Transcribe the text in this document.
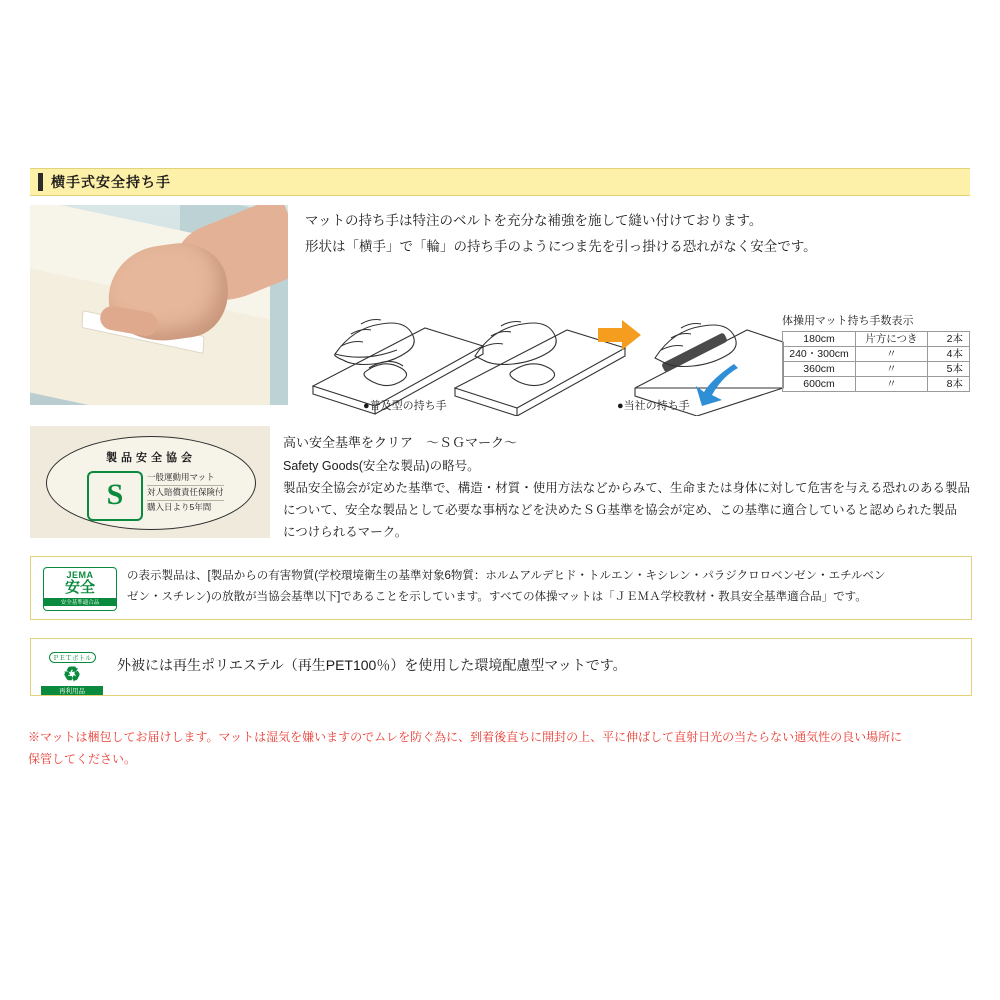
横手式安全持ち手
マットの持ち手は特注のベルトを充分な補強を施して縫い付けております。
形状は「横手」で「輪」の持ち手のようにつま先を引っ掛ける恐れがなく安全です。
●普及型の持ち手	●当社の持ち手
体操用マット持ち手数表示
180cm	片方につき	2本
240・300cm	〃	4本
360cm	〃	5本
600cm	〃	8本
製品安全協会
S
一般運動用マット
対人賠償責任保険付
購入日より5年間
高い安全基準をクリア　〜ＳＧマーク〜
Safety Goods(安全な製品)の略号。
製品安全協会が定めた基準で、構造・材質・使用方法などからみて、生命または身体に対して危害を与える恐れのある製品
について、安全な製品として必要な事柄などを決めたＳＧ基準を協会が定め、この基準に適合していると認められた製品
につけられるマーク。
JEMA
安全
安全基準適合品
の表示製品は、[製品からの有害物質(学校環境衛生の基準対象6物質：ホルムアルデヒド・トルエン・キシレン・パラジクロロベンゼン・エチルベン
ゼン・スチレン)の放散が当協会基準以下]であることを示しています。すべての体操マットは「ＪＥＭＡ学校教材・教具安全基準適合品」です。
ＰＥＴボトル
♻
再利用品
外被には再生ポリエステル（再生PET100％）を使用した環境配慮型マットです。
※マットは梱包してお届けします。マットは湿気を嫌いますのでムレを防ぐ為に、到着後直ちに開封の上、平に伸ばして直射日光の当たらない通気性の良い場所に
保管してください。
